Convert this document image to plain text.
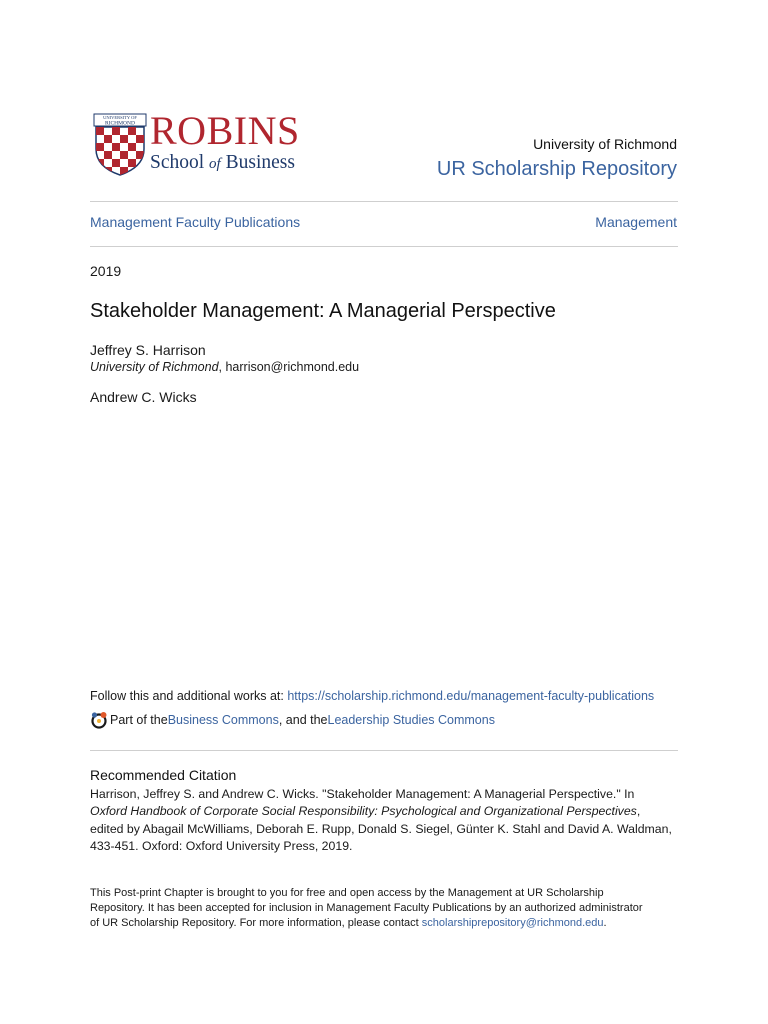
UNIVERSITY OF
RICHMOND ROBINS
School of Business
University of Richmond
UR Scholarship Repository
Management Faculty Publications	Management
2019
Stakeholder Management: A Managerial Perspective
Jeffrey S. Harrison
University of Richmond, harrison@richmond.edu
Andrew C. Wicks
Follow this and additional works at: https://scholarship.richmond.edu/management-faculty-publications
Part of the Business Commons , and the Leadership Studies Commons
Recommended Citation
Harrison, Jeffrey S. and Andrew C. Wicks. "Stakeholder Management: A Managerial Perspective." In
Oxford Handbook of Corporate Social Responsibility: Psychological and Organizational Perspectives,
edited by Abagail McWilliams, Deborah E. Rupp, Donald S. Siegel, Günter K. Stahl and David A. Waldman,
433-451. Oxford: Oxford University Press, 2019.
This Post-print Chapter is brought to you for free and open access by the Management at UR Scholarship
Repository. It has been accepted for inclusion in Management Faculty Publications by an authorized administrator
of UR Scholarship Repository. For more information, please contact scholarshiprepository@richmond.edu.
